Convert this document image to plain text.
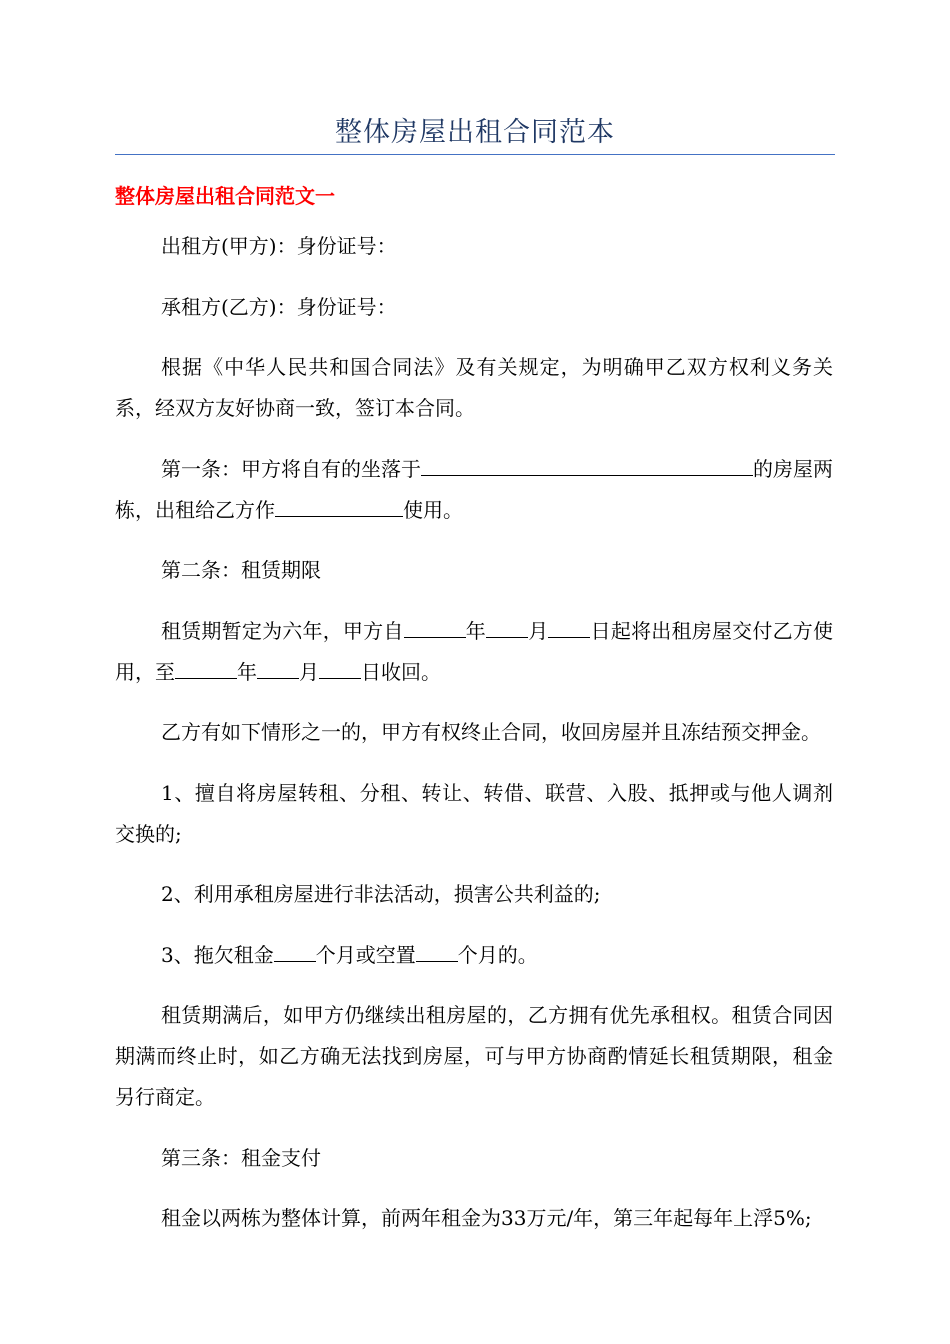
整体房屋出租合同范本
整体房屋出租合同范文一

出租方(甲方)：身份证号：

承租方(乙方)：身份证号：

根据《中华人民共和国合同法》及有关规定，为明确甲乙双方权利义务关系，经双方友好协商一致，签订本合同。

第一条：甲方将自有的坐落于	的房屋两栋，出租给乙方作	使用。

第二条：租赁期限

租赁期暂定为六年，甲方自	年 月 日起将出租房屋交付乙方使用，至	年 月 日收回。

乙方有如下情形之一的，甲方有权终止合同，收回房屋并且冻结预交押金。

1、擅自将房屋转租、分租、转让、转借、联营、入股、抵押或与他人调剂交换的;

2、利用承租房屋进行非法活动，损害公共利益的;

3、拖欠租金 个月或空置 个月的。

租赁期满后，如甲方仍继续出租房屋的，乙方拥有优先承租权。租赁合同因期满而终止时，如乙方确无法找到房屋，可与甲方协商酌情延长租赁期限，租金另行商定。

第三条：租金支付

租金以两栋为整体计算，前两年租金为33万元/年，第三年起每年上浮5%;
